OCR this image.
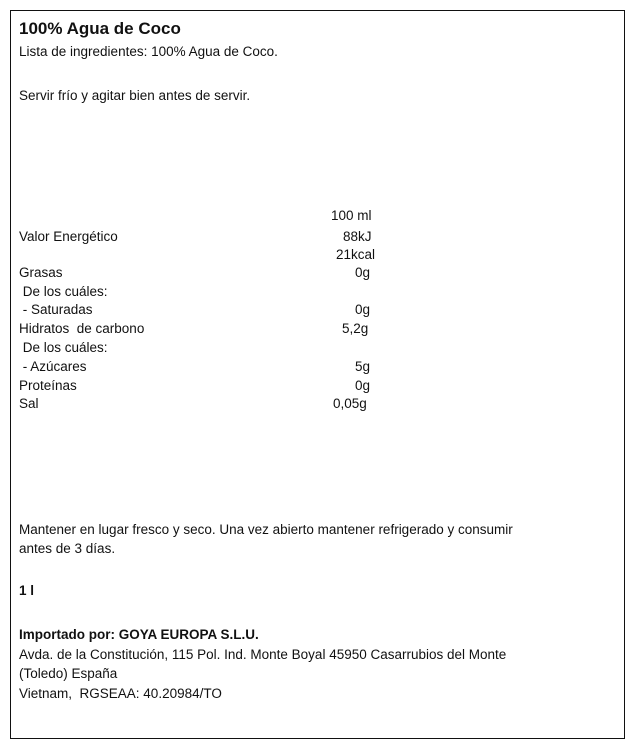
100% Agua de Coco
Lista de ingredientes: 100% Agua de Coco.
Servir frío y agitar bien antes de servir.
100 ml
Valor Energético	88kJ
21kcal
Grasas	0g
De los cuáles:
- Saturadas	0g
Hidratos  de carbono	5,2g
De los cuáles:
- Azúcares	5g
Proteínas	0g
Sal	0,05g
Mantener en lugar fresco y seco. Una vez abierto mantener refrigerado y consumir
antes de 3 días.
1 l
Importado por: GOYA EUROPA S.L.U.
Avda. de la Constitución, 115 Pol. Ind. Monte Boyal 45950 Casarrubios del Monte
(Toledo) España
Vietnam,  RGSEAA: 40.20984/TO
